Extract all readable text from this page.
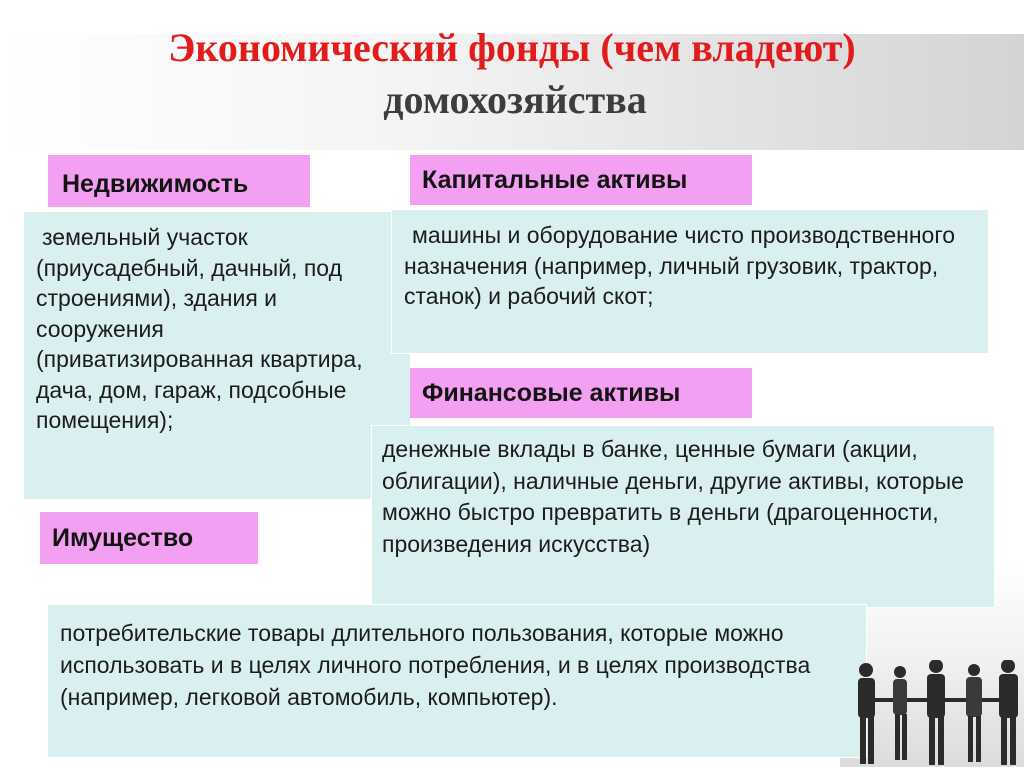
Экономический фонды (чем владеют)
домохозяйства
Недвижимость
земельный участок (приусадебный, дачный, под строениями), здания и сооружения (приватизированная квартира, дача, дом, гараж, подсобные помещения);
Капитальные активы
машины и оборудование чисто производственного назначения (например, личный грузовик, трактор, станок) и рабочий скот;
Финансовые активы
денежные вклады в банке, ценные бумаги (акции, облигации), наличные деньги, другие активы, которые можно быстро превратить в деньги (драгоценности, произведения искусства)
Имущество
потребительские товары длительного пользования, которые можно использовать и в целях личного потребления, и в целях производства (например, легковой автомобиль, компьютер).
